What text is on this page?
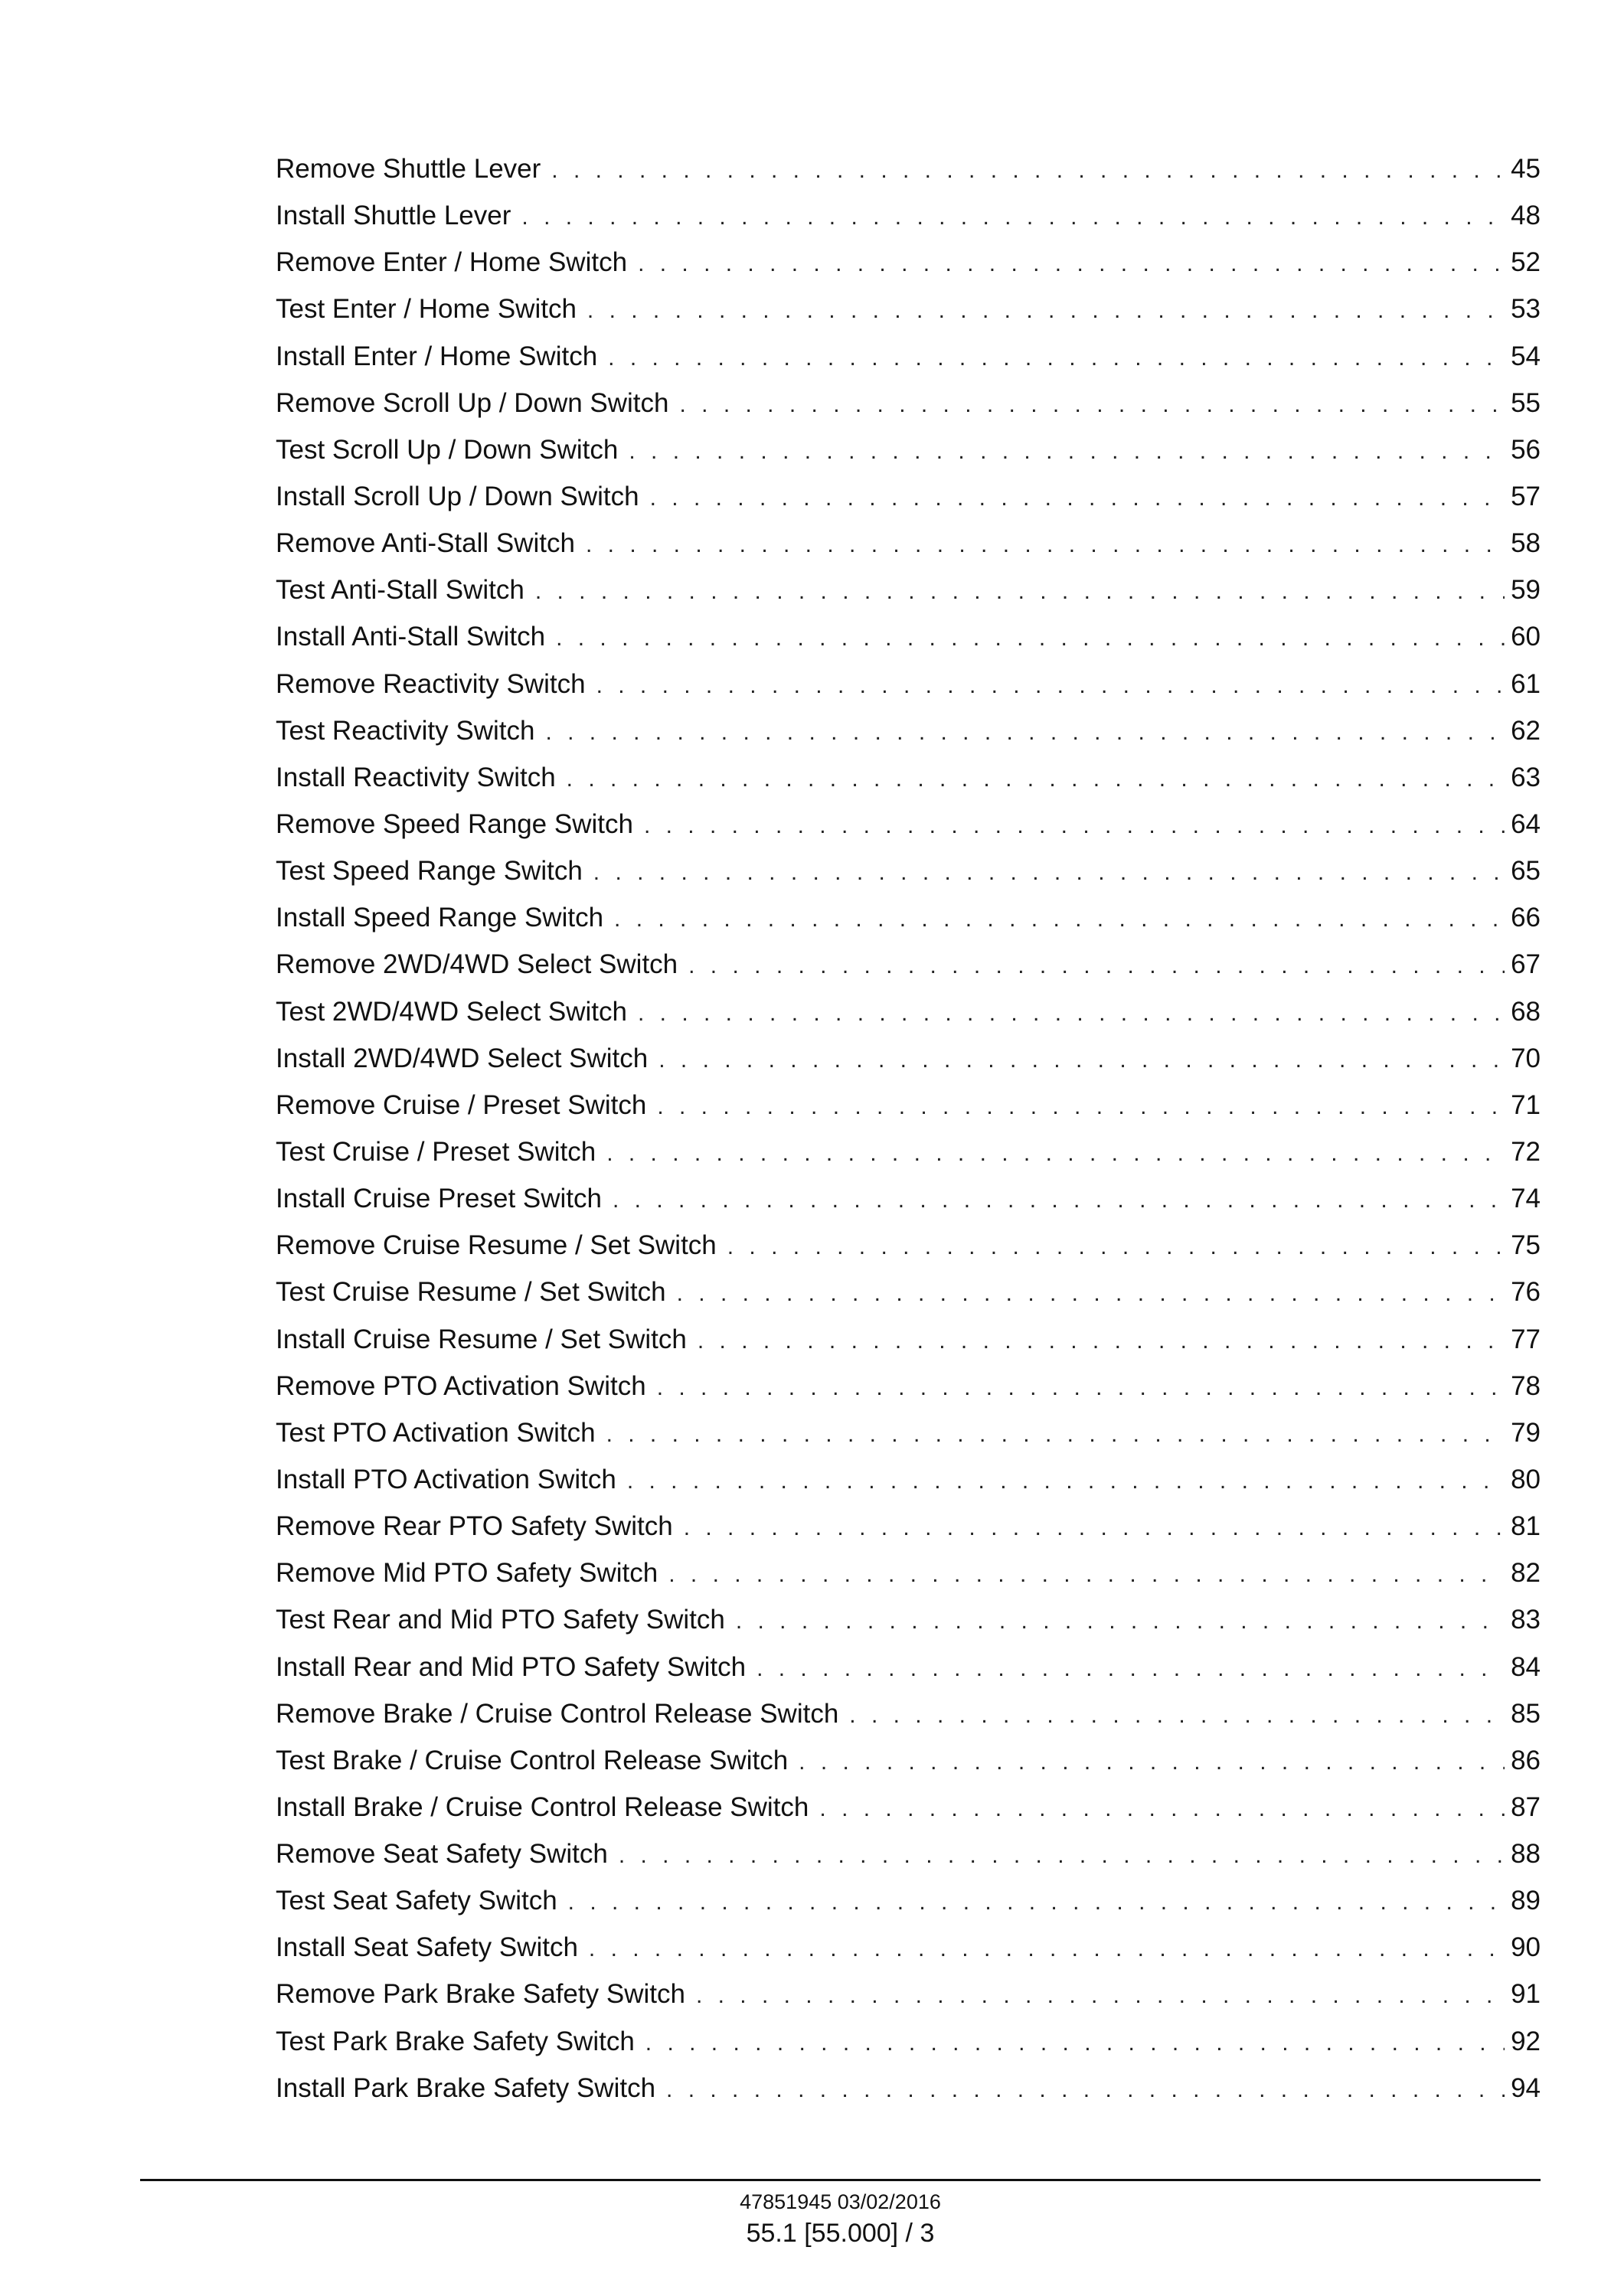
Remove Shuttle Lever . . .	45
Install Shuttle Lever . . .	48
Remove Enter / Home Switch . . .	52
Test Enter / Home Switch . . .	53
Install Enter / Home Switch . . .	54
Remove Scroll Up / Down Switch . . .	55
Test Scroll Up / Down Switch . . .	56
Install Scroll Up / Down Switch . . .	57
Remove Anti-Stall Switch . . .	58
Test Anti-Stall Switch . . .	59
Install Anti-Stall Switch . . .	60
Remove Reactivity Switch . . .	61
Test Reactivity Switch . . .	62
Install Reactivity Switch . . .	63
Remove Speed Range Switch . . .	64
Test Speed Range Switch . . .	65
Install Speed Range Switch . . .	66
Remove 2WD/4WD Select Switch . . .	67
Test 2WD/4WD Select Switch . . .	68
Install 2WD/4WD Select Switch . . .	70
Remove Cruise / Preset Switch . . .	71
Test Cruise / Preset Switch . . .	72
Install Cruise Preset Switch . . .	74
Remove Cruise Resume / Set Switch . . .	75
Test Cruise Resume / Set Switch . . .	76
Install Cruise Resume / Set Switch . . .	77
Remove PTO Activation Switch . . .	78
Test PTO Activation Switch . . .	79
Install PTO Activation Switch . . .	80
Remove Rear PTO Safety Switch . . .	81
Remove Mid PTO Safety Switch . . .	82
Test Rear and Mid PTO Safety Switch . . .	83
Install Rear and Mid PTO Safety Switch . . .	84
Remove Brake / Cruise Control Release Switch . . .	85
Test Brake / Cruise Control Release Switch . . .	86
Install Brake / Cruise Control Release Switch . . .	87
Remove Seat Safety Switch . . .	88
Test Seat Safety Switch . . .	89
Install Seat Safety Switch . . .	90
Remove Park Brake Safety Switch . . .	91
Test Park Brake Safety Switch . . .	92
Install Park Brake Safety Switch . . .	94
47851945 03/02/2016
55.1 [55.000] / 3
